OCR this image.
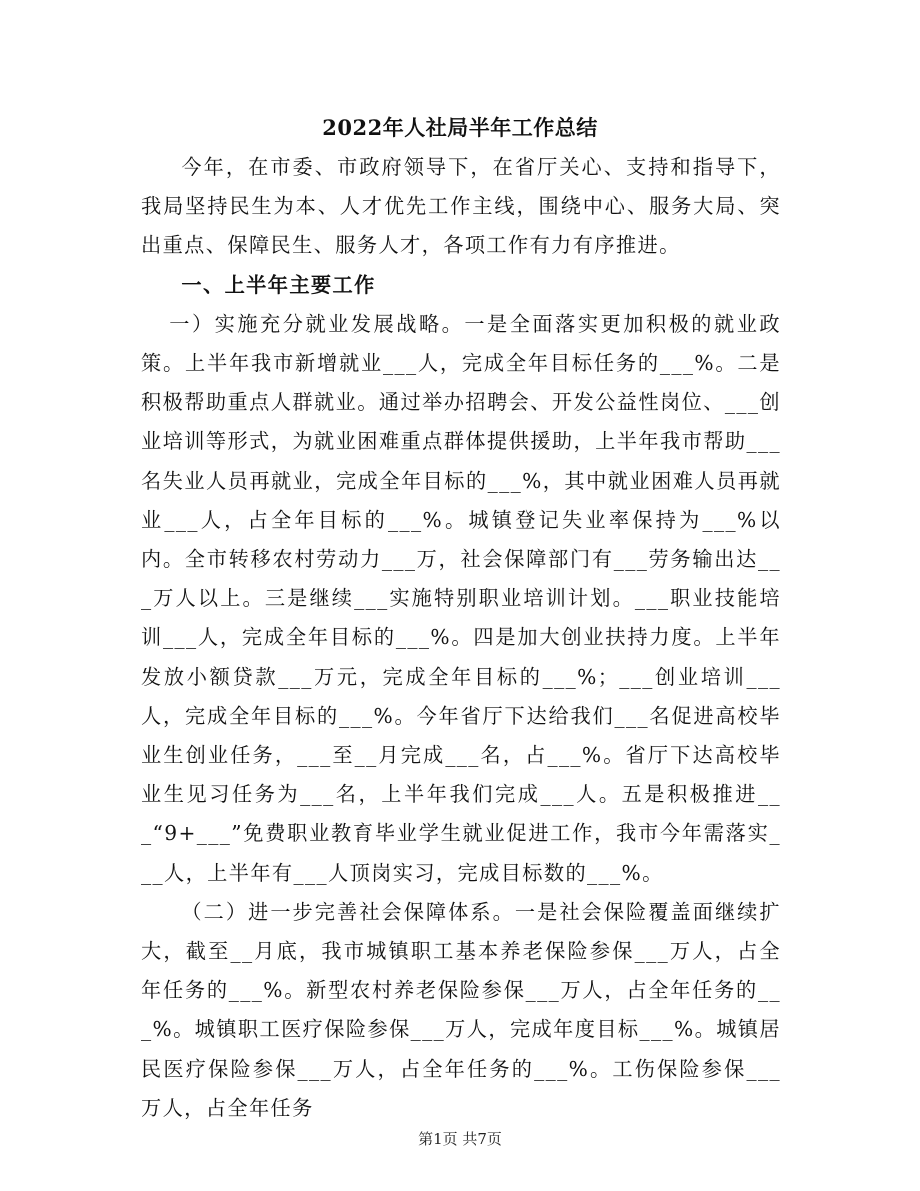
2022年人社局半年工作总结

今年，在市委、市政府领导下，在省厅关心、支持和指导下，我局坚持民生为本、人才优先工作主线，围绕中心、服务大局、突出重点、保障民生、服务人才，各项工作有力有序推进。

一、上半年主要工作

一）实施充分就业发展战略。一是全面落实更加积极的就业政策。上半年我市新增就业___人，完成全年目标任务的___%。二是积极帮助重点人群就业。通过举办招聘会、开发公益性岗位、___创业培训等形式，为就业困难重点群体提供援助，上半年我市帮助___名失业人员再就业，完成全年目标的___%，其中就业困难人员再就业___人，占全年目标的___%。城镇登记失业率保持为___%以内。全市转移农村劳动力___万，社会保障部门有___劳务输出达___万人以上。三是继续___实施特别职业培训计划。___职业技能培训___人，完成全年目标的___%。四是加大创业扶持力度。上半年发放小额贷款___万元，完成全年目标的___%；___创业培训___人，完成全年目标的___%。今年省厅下达给我们___名促进高校毕业生创业任务，___至__月完成___名，占___%。省厅下达高校毕业生见习任务为___名，上半年我们完成___人。五是积极推进___“9+___”免费职业教育毕业学生就业促进工作，我市今年需落实___人，上半年有___人顶岗实习，完成目标数的___%。

（二）进一步完善社会保障体系。一是社会保险覆盖面继续扩大，截至__月底，我市城镇职工基本养老保险参保___万人，占全年任务的___%。新型农村养老保险参保___万人，占全年任务的___%。城镇职工医疗保险参保___万人，完成年度目标___%。城镇居民医疗保险参保___万人，占全年任务的___%。工伤保险参保___万人，占全年任务

第1页 共7页
